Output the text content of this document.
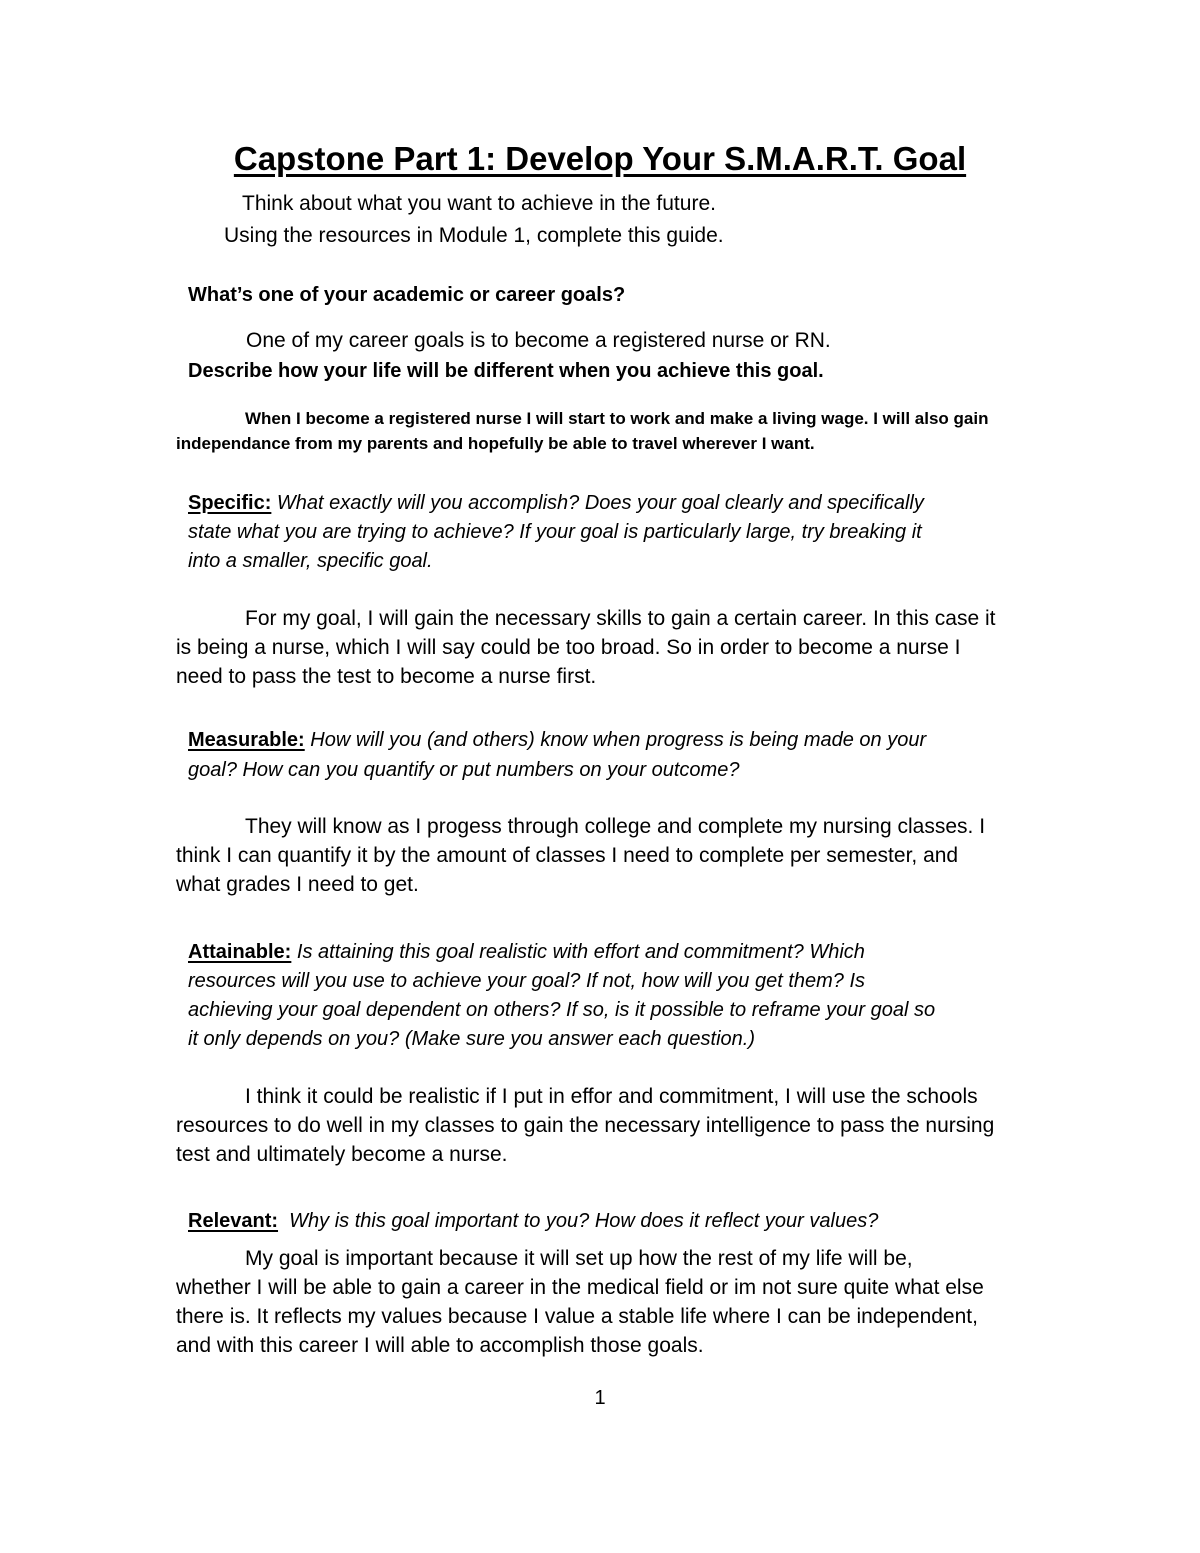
Capstone Part 1: Develop Your S.M.A.R.T. Goal

Think about what you want to achieve in the future.

Using the resources in Module 1, complete this guide.

What’s one of your academic or career goals?

One of my career goals is to become a registered nurse or RN.

Describe how your life will be different when you achieve this goal.

When I become a registered nurse I will start to work and make a living wage. I will also gain

independance from my parents and hopefully be able to travel wherever I want.

Specific: What exactly will you accomplish? Does your goal clearly and specifically

state what you are trying to achieve? If your goal is particularly large, try breaking it

into a smaller, specific goal.

For my goal, I will gain the necessary skills to gain a certain career. In this case it

is being a nurse, which I will say could be too broad. So in order to become a nurse I

need to pass the test to become a nurse first.

Measurable: How will you (and others) know when progress is being made on your

goal? How can you quantify or put numbers on your outcome?

They will know as I progess through college and complete my nursing classes. I

think I can quantify it by the amount of classes I need to complete per semester, and

what grades I need to get.

Attainable: Is attaining this goal realistic with effort and commitment? Which

resources will you use to achieve your goal? If not, how will you get them? Is

achieving your goal dependent on others? If so, is it possible to reframe your goal so

it only depends on you? (Make sure you answer each question.)

I think it could be realistic if I put in effor and commitment, I will use the schools

resources to do well in my classes to gain the necessary intelligence to pass the nursing

test and ultimately become a nurse.

Relevant: Why is this goal important to you? How does it reflect your values?

My goal is important because it will set up how the rest of my life will be,

whether I will be able to gain a career in the medical field or im not sure quite what else

there is. It reflects my values because I value a stable life where I can be independent,

and with this career I will able to accomplish those goals.

1
